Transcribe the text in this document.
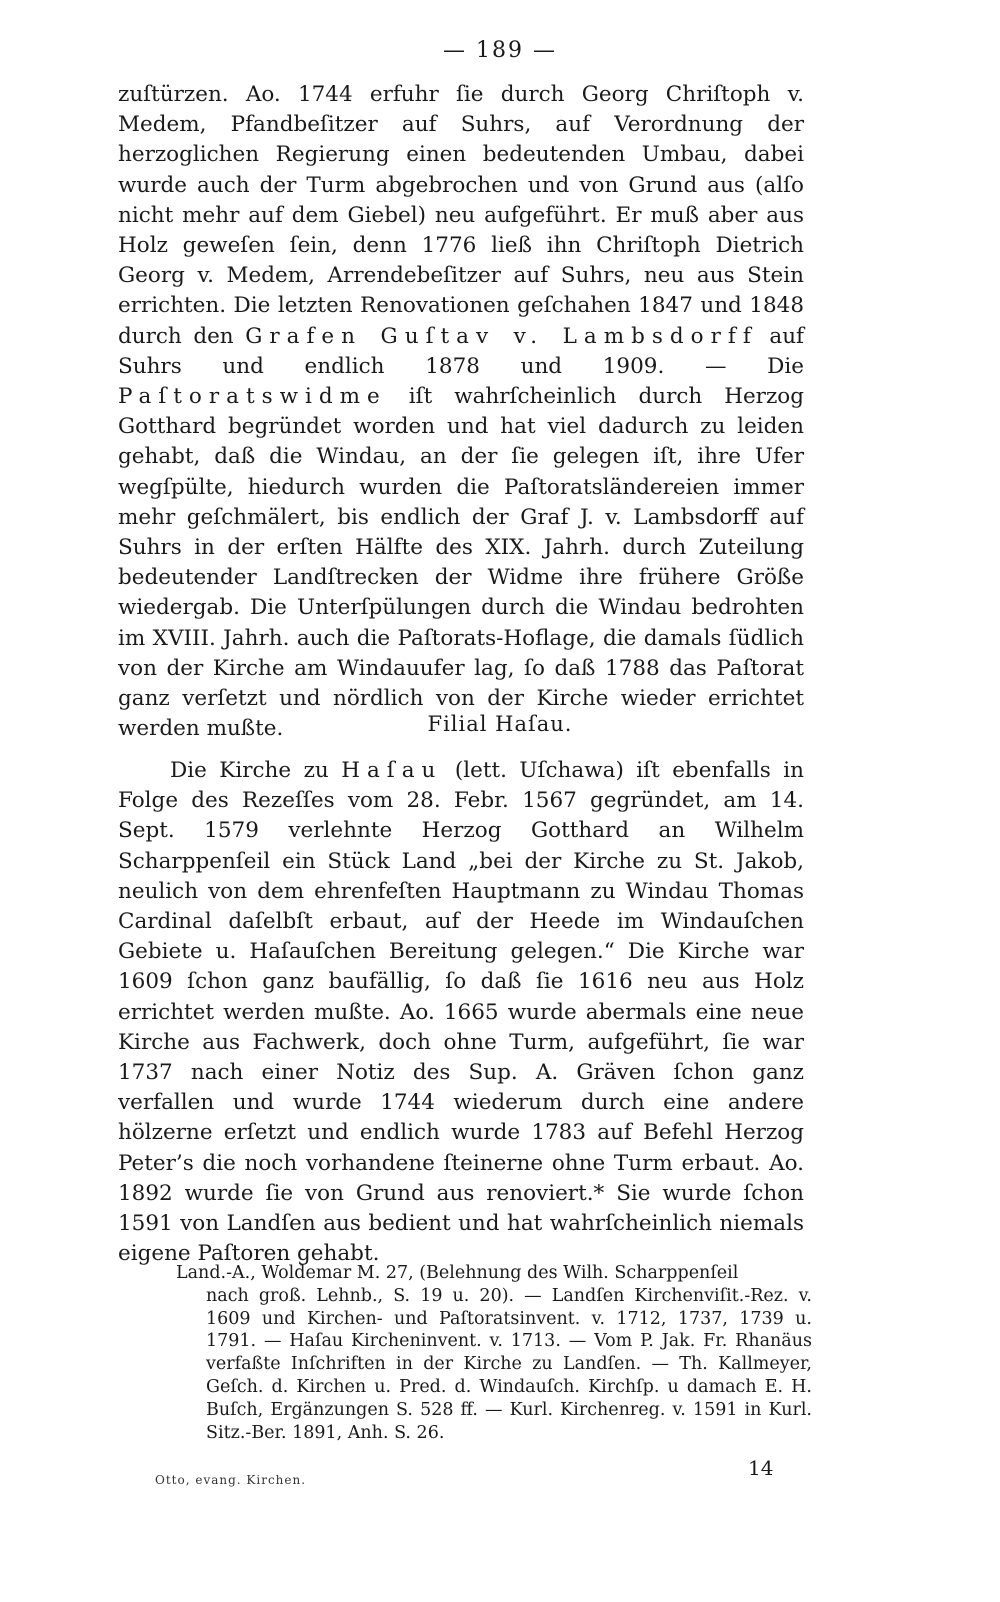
— 189 —

zuſtürzen. Ao. 1744 erfuhr ſie durch Georg Chriſtoph v. Medem, Pfandbeſitzer auf Suhrs, auf Verordnung der herzoglichen Regierung einen bedeutenden Umbau, dabei wurde auch der Turm abgebrochen und von Grund aus (alſo nicht mehr auf dem Giebel) neu aufgeführt. Er muß aber aus Holz geweſen ſein, denn 1776 ließ ihn Chriſtoph Dietrich Georg v. Medem, Arrendebeſitzer auf Suhrs, neu aus Stein errichten. Die letzten Renovationen geſchahen 1847 und 1848 durch den Grafen Guſtav v. Lambsdorff auf Suhrs und endlich 1878 und 1909. — Die Paſtoratswidme iſt wahrſcheinlich durch Herzog Gotthard begründet worden und hat viel dadurch zu leiden gehabt, daß die Windau, an der ſie gelegen iſt, ihre Ufer wegſpülte, hiedurch wurden die Paſtoratsländereien immer mehr geſchmälert, bis endlich der Graf J. v. Lambsdorff auf Suhrs in der erſten Hälfte des XIX. Jahrh. durch Zuteilung bedeutender Landſtrecken der Widme ihre frühere Größe wiedergab. Die Unterſpülungen durch die Windau bedrohten im XVIII. Jahrh. auch die Paſtorats-Hoflage, die damals ſüdlich von der Kirche am Windauufer lag, ſo daß 1788 das Paſtorat ganz verſetzt und nördlich von der Kirche wieder errichtet werden mußte.	Filial Haſau.

Die Kirche zu Haſau (lett. Uſchawa) iſt ebenfalls in Folge des Rezeſſes vom 28. Febr. 1567 gegründet, am 14. Sept. 1579 verlehnte Herzog Gotthard an Wilhelm Scharppenſeil ein Stück Land „bei der Kirche zu St. Jakob, neulich von dem ehrenfeſten Hauptmann zu Windau Thomas Cardinal daſelbſt erbaut, auf der Heede im Windauſchen Gebiete u. Haſauſchen Bereitung gelegen.“ Die Kirche war 1609 ſchon ganz baufällig, ſo daß ſie 1616 neu aus Holz errichtet werden mußte. Ao. 1665 wurde abermals eine neue Kirche aus Fachwerk, doch ohne Turm, aufgeführt, ſie war 1737 nach einer Notiz des Sup. A. Gräven ſchon ganz verfallen und wurde 1744 wiederum durch eine andere hölzerne erſetzt und endlich wurde 1783 auf Befehl Herzog Peter’s die noch vorhandene ſteinerne ohne Turm erbaut. Ao. 1892 wurde ſie von Grund aus renoviert.* Sie wurde ſchon 1591 von Landſen aus bedient und hat wahrſcheinlich niemals eigene Paſtoren gehabt.

Land.-A., Woldemar M. 27, (Belehnung des Wilh. Scharppenſeil
nach groß. Lehnb., S. 19 u. 20). — Landſen Kirchenviſit.-Rez. v. 1609 und Kirchen- und Paſtoratsinvent. v. 1712, 1737, 1739 u. 1791. — Haſau Kircheninvent. v. 1713. — Vom P. Jak. Fr. Rhanäus verfaßte Inſchriften in der Kirche zu Landſen. — Th. Kallmeyer, Geſch. d. Kirchen u. Pred. d. Windauſch. Kirchſp. u damach E. H. Buſch, Ergänzungen S. 528 ff. — Kurl. Kirchenreg. v. 1591 in Kurl. Sitz.-Ber. 1891, Anh. S. 26.

14
Otto, evang. Kirchen.
